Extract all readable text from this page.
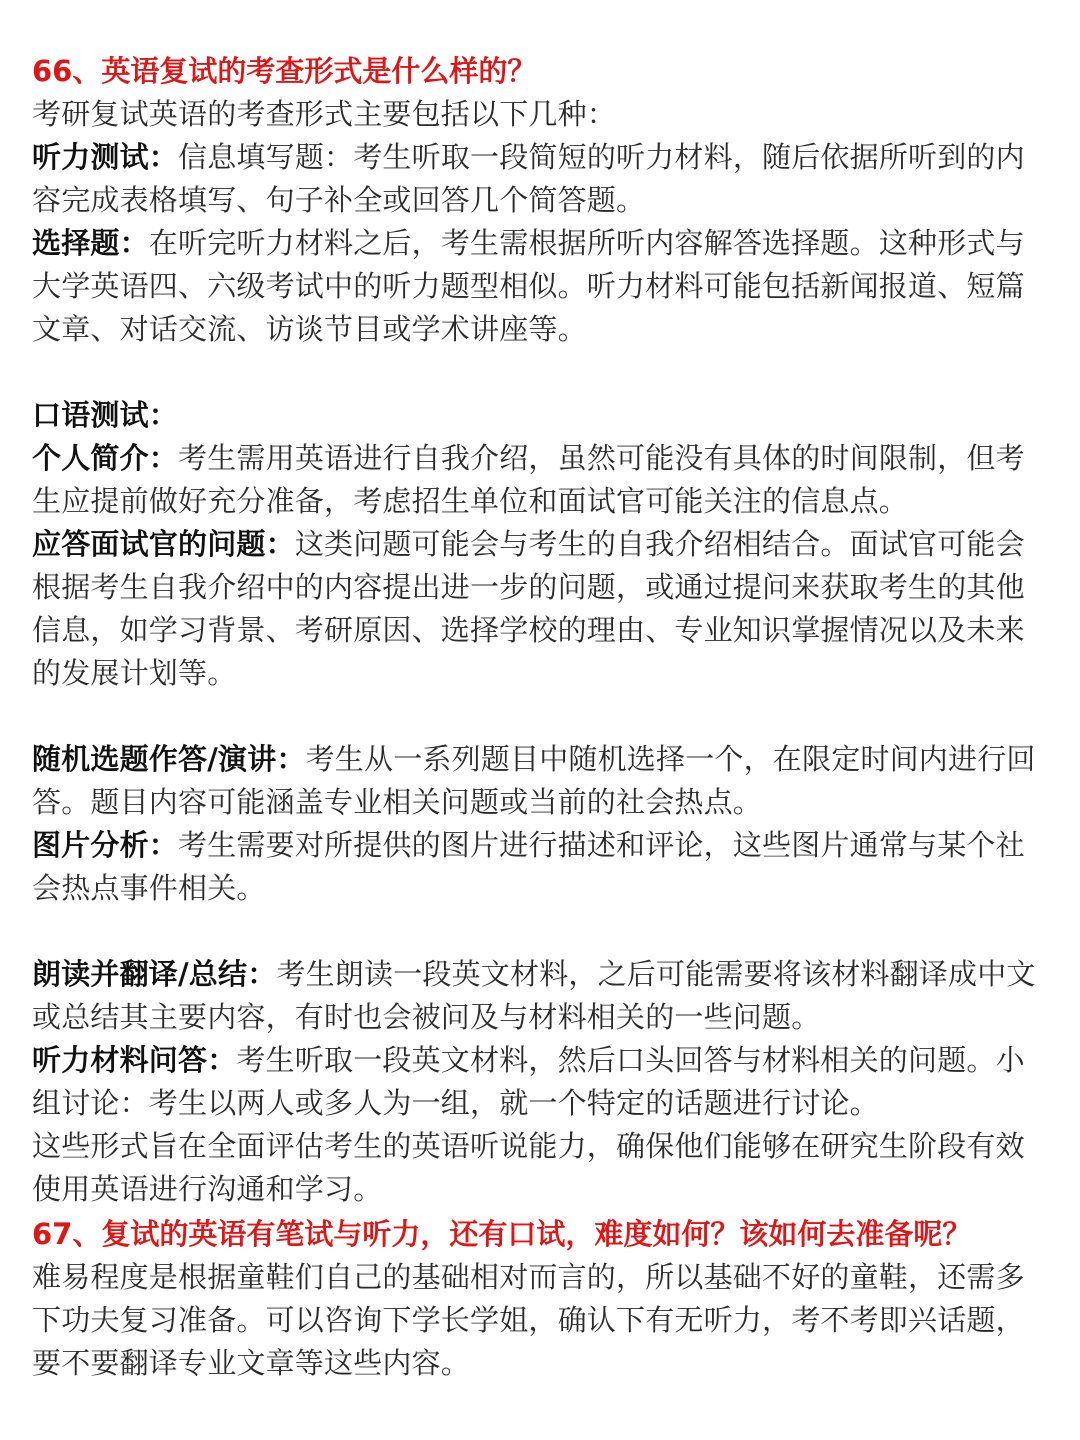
66、英语复试的考查形式是什么样的？

考研复试英语的考查形式主要包括以下几种：

听力测试：信息填写题：考生听取一段简短的听力材料，随后依据所听到的内容完成表格填写、句子补全或回答几个简答题。

选择题：在听完听力材料之后，考生需根据所听内容解答选择题。这种形式与大学英语四、六级考试中的听力题型相似。听力材料可能包括新闻报道、短篇文章、对话交流、访谈节目或学术讲座等。

口语测试：

个人简介：考生需用英语进行自我介绍，虽然可能没有具体的时间限制，但考生应提前做好充分准备，考虑招生单位和面试官可能关注的信息点。

应答面试官的问题：这类问题可能会与考生的自我介绍相结合。面试官可能会根据考生自我介绍中的内容提出进一步的问题，或通过提问来获取考生的其他信息，如学习背景、考研原因、选择学校的理由、专业知识掌握情况以及未来的发展计划等。

随机选题作答/演讲：考生从一系列题目中随机选择一个，在限定时间内进行回答。题目内容可能涵盖专业相关问题或当前的社会热点。

图片分析：考生需要对所提供的图片进行描述和评论，这些图片通常与某个社会热点事件相关。

朗读并翻译/总结：考生朗读一段英文材料，之后可能需要将该材料翻译成中文或总结其主要内容，有时也会被问及与材料相关的一些问题。

听力材料问答：考生听取一段英文材料，然后口头回答与材料相关的问题。小组讨论：考生以两人或多人为一组，就一个特定的话题进行讨论。

这些形式旨在全面评估考生的英语听说能力，确保他们能够在研究生阶段有效使用英语进行沟通和学习。

67、复试的英语有笔试与听力，还有口试，难度如何？该如何去准备呢？

难易程度是根据童鞋们自己的基础相对而言的，所以基础不好的童鞋，还需多下功夫复习准备。可以咨询下学长学姐，确认下有无听力，考不考即兴话题，要不要翻译专业文章等这些内容。
